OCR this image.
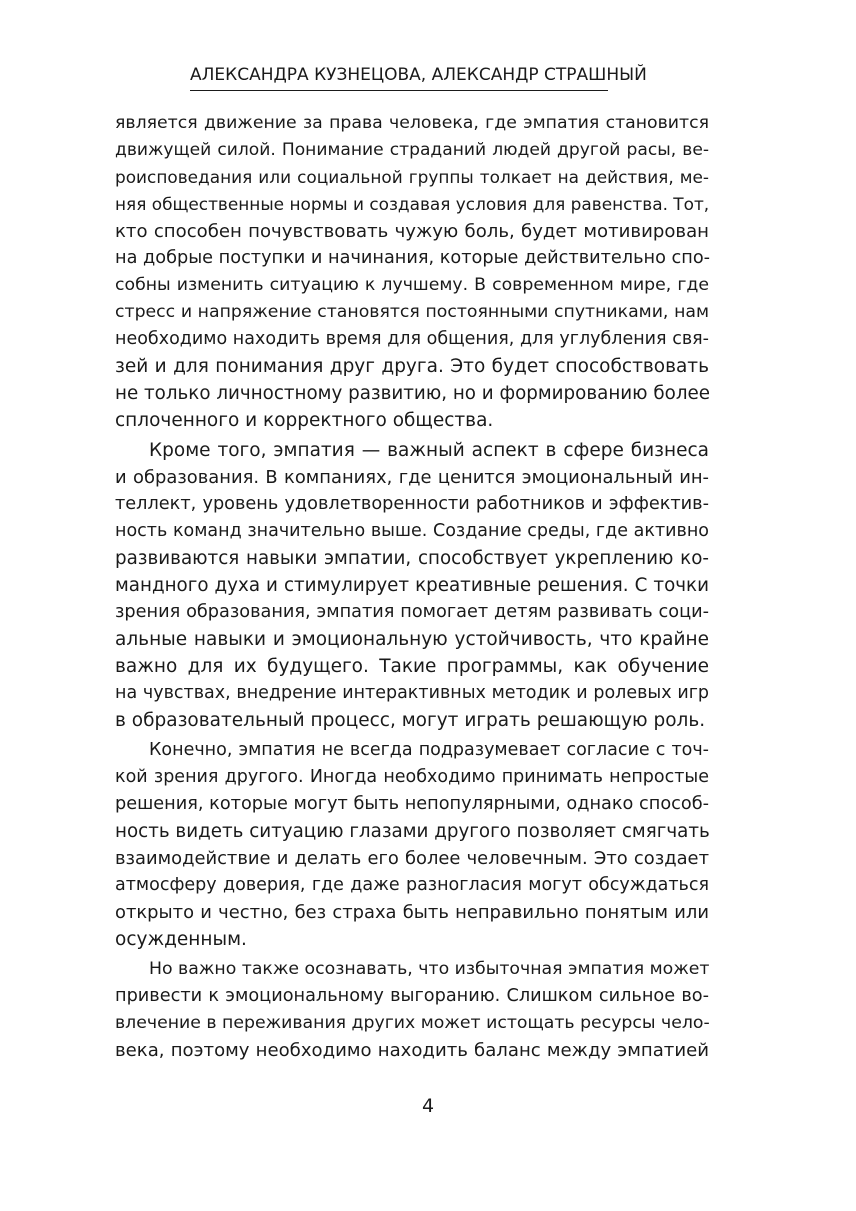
АЛЕКСАНДРА КУЗНЕЦОВА, АЛЕКСАНДР СТРАШНЫЙ
является движение за права человека, где эмпатия становится
движущей силой. Понимание страданий людей другой расы, ве-
роисповедания или социальной группы толкает на действия, ме-
няя общественные нормы и создавая условия для равенства. Тот,
кто способен почувствовать чужую боль, будет мотивирован
на добрые поступки и начинания, которые действительно спо-
собны изменить ситуацию к лучшему. В современном мире, где
стресс и напряжение становятся постоянными спутниками, нам
необходимо находить время для общения, для углубления свя-
зей и для понимания друг друга. Это будет способствовать
не только личностному развитию, но и формированию более
сплоченного и корректного общества.
Кроме того, эмпатия — важный аспект в сфере бизнеса
и образования. В компаниях, где ценится эмоциональный ин-
теллект, уровень удовлетворенности работников и эффектив-
ность команд значительно выше. Создание среды, где активно
развиваются навыки эмпатии, способствует укреплению ко-
мандного духа и стимулирует креативные решения. С точки
зрения образования, эмпатия помогает детям развивать соци-
альные навыки и эмоциональную устойчивость, что крайне
важно для их будущего. Такие программы, как обучение
на чувствах, внедрение интерактивных методик и ролевых игр
в образовательный процесс, могут играть решающую роль.
Конечно, эмпатия не всегда подразумевает согласие с точ-
кой зрения другого. Иногда необходимо принимать непростые
решения, которые могут быть непопулярными, однако способ-
ность видеть ситуацию глазами другого позволяет смягчать
взаимодействие и делать его более человечным. Это создает
атмосферу доверия, где даже разногласия могут обсуждаться
открыто и честно, без страха быть неправильно понятым или
осужденным.
Но важно также осознавать, что избыточная эмпатия может
привести к эмоциональному выгоранию. Слишком сильное во-
влечение в переживания других может истощать ресурсы чело-
века, поэтому необходимо находить баланс между эмпатией
4
